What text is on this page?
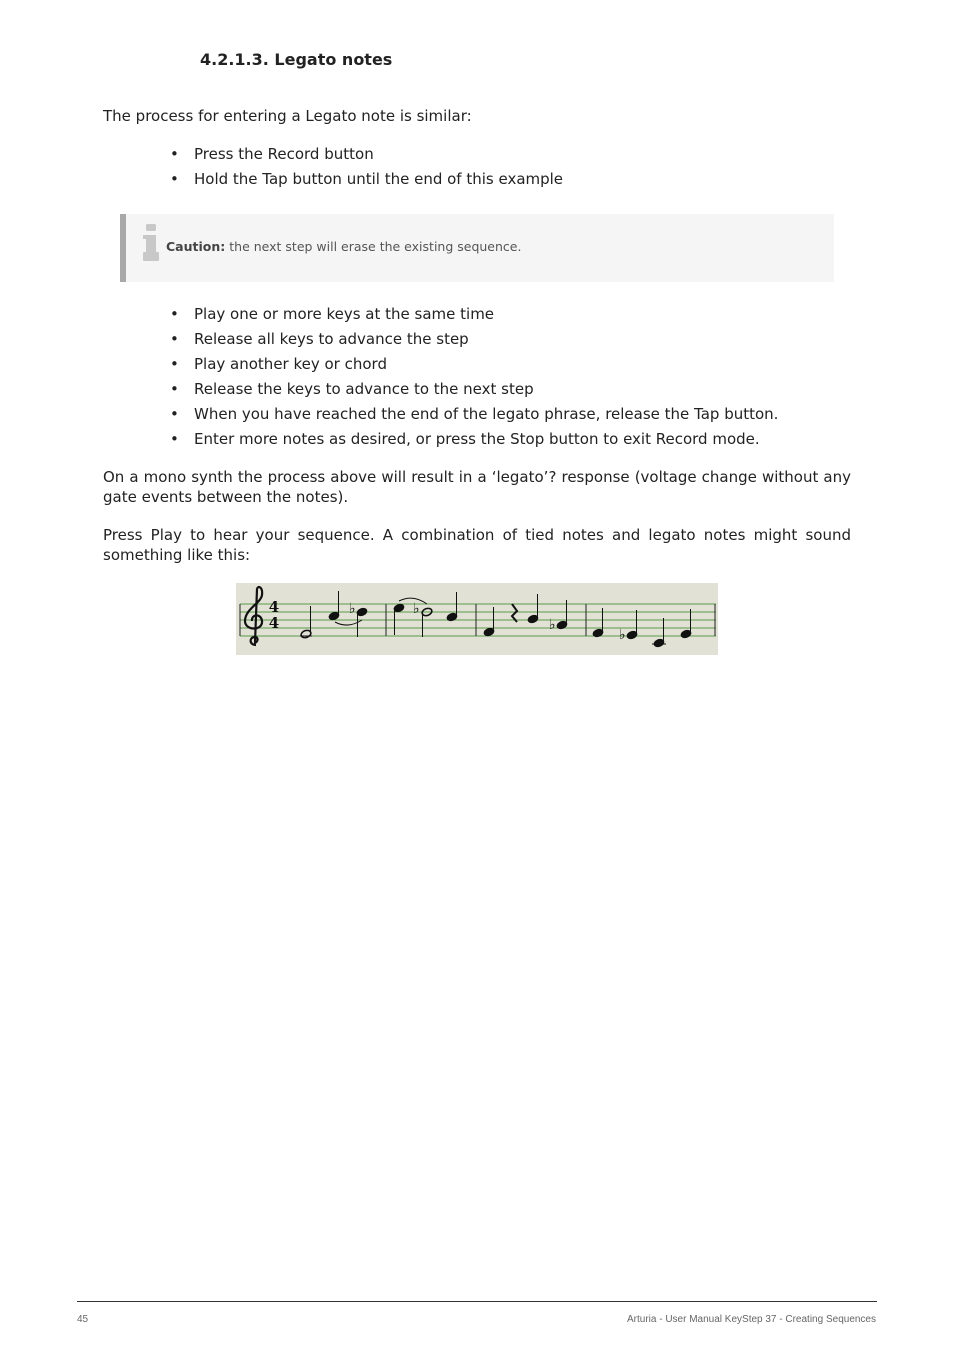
4.2.1.3. Legato notes

The process for entering a Legato note is similar:

• Press the Record button
• Hold the Tap button until the end of this example
Caution: the next step will erase the existing sequence.
• Play one or more keys at the same time
• Release all keys to advance the step
• Play another key or chord
• Release the keys to advance to the next step
• When you have reached the end of the legato phrase, release the Tap button.
• Enter more notes as desired, or press the Stop button to exit Record mode.

On a mono synth the process above will result in a ‘legato’? response (voltage change without any gate events between the notes).

Press Play to hear your sequence. A combination of tied notes and legato notes might sound something like this:

4
4
♭	♭
♭
♭
45	Arturia - User Manual KeyStep 37 - Creating Sequences
